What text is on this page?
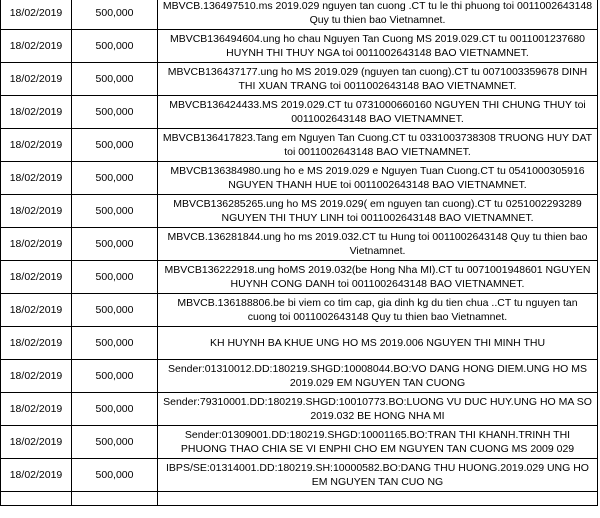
18/02/2019	500,000	MBVCB.136497510.ms 2019.029 nguyen tan cuong .CT tu le thi phuong toi 0011002643148 Quy tu thien bao Vietnamnet.
18/02/2019	500,000	MBVCB136494604.ung ho chau Nguyen Tan Cuong MS 2019.029.CT tu 0011001237680 HUYNH THI THUY NGA toi 0011002643148 BAO VIETNAMNET.
18/02/2019	500,000	MBVCB136437177.ung ho MS 2019.029 (nguyen tan cuong).CT tu 0071003359678 DINH THI XUAN TRANG toi 0011002643148 BAO VIETNAMNET.
18/02/2019	500,000	MBVCB136424433.MS 2019.029.CT tu 0731000660160 NGUYEN THI CHUNG THUY toi 0011002643148 BAO VIETNAMNET.
18/02/2019	500,000	MBVCB136417823.Tang em Nguyen Tan Cuong.CT tu 0331003738308 TRUONG HUY DAT toi 0011002643148 BAO VIETNAMNET.
18/02/2019	500,000	MBVCB136384980.ung ho e MS 2019.029 e Nguyen Tuan Cuong.CT tu 0541000305916 NGUYEN THANH HUE toi 0011002643148 BAO VIETNAMNET.
18/02/2019	500,000	MBVCB136285265.ung ho MS 2019.029( em nguyen tan cuong).CT tu 0251002293289 NGUYEN THI THUY LINH toi 0011002643148 BAO VIETNAMNET.
18/02/2019	500,000	MBVCB.136281844.ung ho ms 2019.032.CT tu Hung toi 0011002643148 Quy tu thien bao Vietnamnet.
18/02/2019	500,000	MBVCB136222918.ung hoMS 2019.032(be Hong Nha MI).CT tu 0071001948601 NGUYEN HUYNH CONG DANH toi 0011002643148 BAO VIETNAMNET.
18/02/2019	500,000	MBVCB.136188806.be bi viem co tim cap, gia dinh kg du tien chua ..CT tu nguyen tan cuong toi 0011002643148 Quy tu thien bao Vietnamnet.
18/02/2019	500,000	KH HUYNH BA KHUE UNG HO MS 2019.006 NGUYEN THI MINH THU
18/02/2019	500,000	Sender:01310012.DD:180219.SHGD:10008044.BO:VO DANG HONG DIEM.UNG HO MS 2019.029 EM NGUYEN TAN CUONG
18/02/2019	500,000	Sender:79310001.DD:180219.SHGD:10010773.BO:LUONG VU DUC HUY.UNG HO MA SO 2019.032 BE HONG NHA MI
18/02/2019	500,000	Sender:01309001.DD:180219.SHGD:10001165.BO:TRAN THI KHANH.TRINH THI PHUONG THAO CHIA SE VI ENPHI CHO EM NGUYEN TAN CUONG MS 2009 029
18/02/2019	500,000	IBPS/SE:01314001.DD:180219.SH:10000582.BO:DANG THU HUONG.2019.029 UNG HO EM NGUYEN TAN CUO NG
